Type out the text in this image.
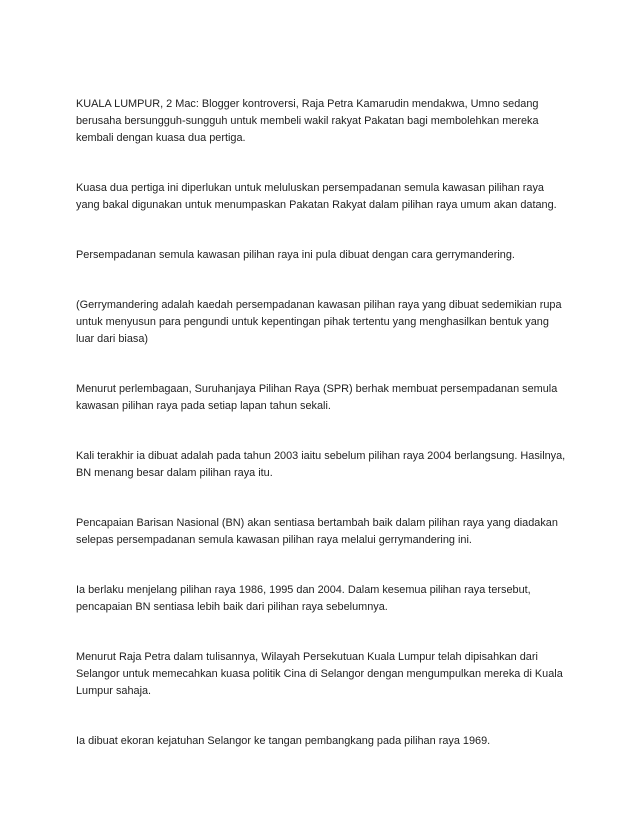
KUALA LUMPUR, 2 Mac: Blogger kontroversi, Raja Petra Kamarudin mendakwa, Umno sedang berusaha bersungguh-sungguh untuk membeli wakil rakyat Pakatan bagi membolehkan mereka kembali dengan kuasa dua pertiga.

Kuasa dua pertiga ini diperlukan untuk meluluskan persempadanan semula kawasan pilihan raya yang bakal digunakan untuk menumpaskan Pakatan Rakyat dalam pilihan raya umum akan datang.

Persempadanan semula kawasan pilihan raya ini pula dibuat dengan cara gerrymandering.

(Gerrymandering adalah kaedah persempadanan kawasan pilihan raya yang dibuat sedemikian rupa untuk menyusun para pengundi untuk kepentingan pihak tertentu yang menghasilkan bentuk yang luar dari biasa)

Menurut perlembagaan, Suruhanjaya Pilihan Raya (SPR) berhak membuat persempadanan semula kawasan pilihan raya pada setiap lapan tahun sekali.

Kali terakhir ia dibuat adalah pada tahun 2003 iaitu sebelum pilihan raya 2004 berlangsung. Hasilnya, BN menang besar dalam pilihan raya itu.

Pencapaian Barisan Nasional (BN) akan sentiasa bertambah baik dalam pilihan raya yang diadakan selepas persempadanan semula kawasan pilihan raya melalui gerrymandering ini.

Ia berlaku menjelang pilihan raya 1986, 1995 dan 2004. Dalam kesemua pilihan raya tersebut, pencapaian BN sentiasa lebih baik dari pilihan raya sebelumnya.

Menurut Raja Petra dalam tulisannya, Wilayah Persekutuan Kuala Lumpur telah dipisahkan dari Selangor untuk memecahkan kuasa politik Cina di Selangor dengan mengumpulkan mereka di Kuala Lumpur sahaja.

Ia dibuat ekoran kejatuhan Selangor ke tangan pembangkang pada pilihan raya 1969.
